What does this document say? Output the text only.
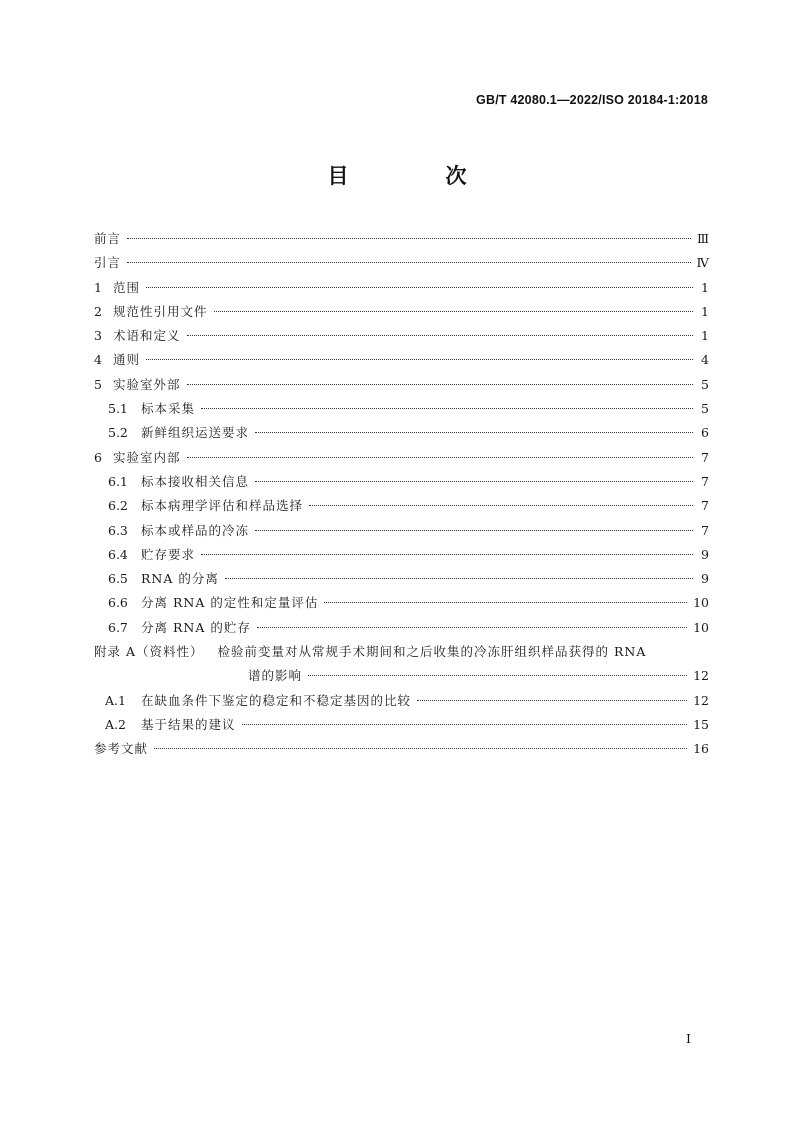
GB/T 42080.1—2022/ISO 20184-1:2018
目　次
前言	Ⅲ
引言	Ⅳ
1 范围	1
2 规范性引用文件	1
3 术语和定义	1
4 通则	4
5 实验室外部	5
5.1	标本采集	5
5.2	新鲜组织运送要求	6
6 实验室内部	7
6.1	标本接收相关信息	7
6.2	标本病理学评估和样品选择	7
6.3	标本或样品的冷冻	7
6.4	贮存要求	9
6.5	RNA 的分离	9
6.6	分离 RNA 的定性和定量评估	10
6.7	分离 RNA 的贮存	10
附录 A（资料性） 检验前变量对从常规手术期间和之后收集的冷冻肝组织样品获得的 RNA
谱的影响	12
A.1	在缺血条件下鉴定的稳定和不稳定基因的比较	12
A.2	基于结果的建议	15
参考文献	16
I
